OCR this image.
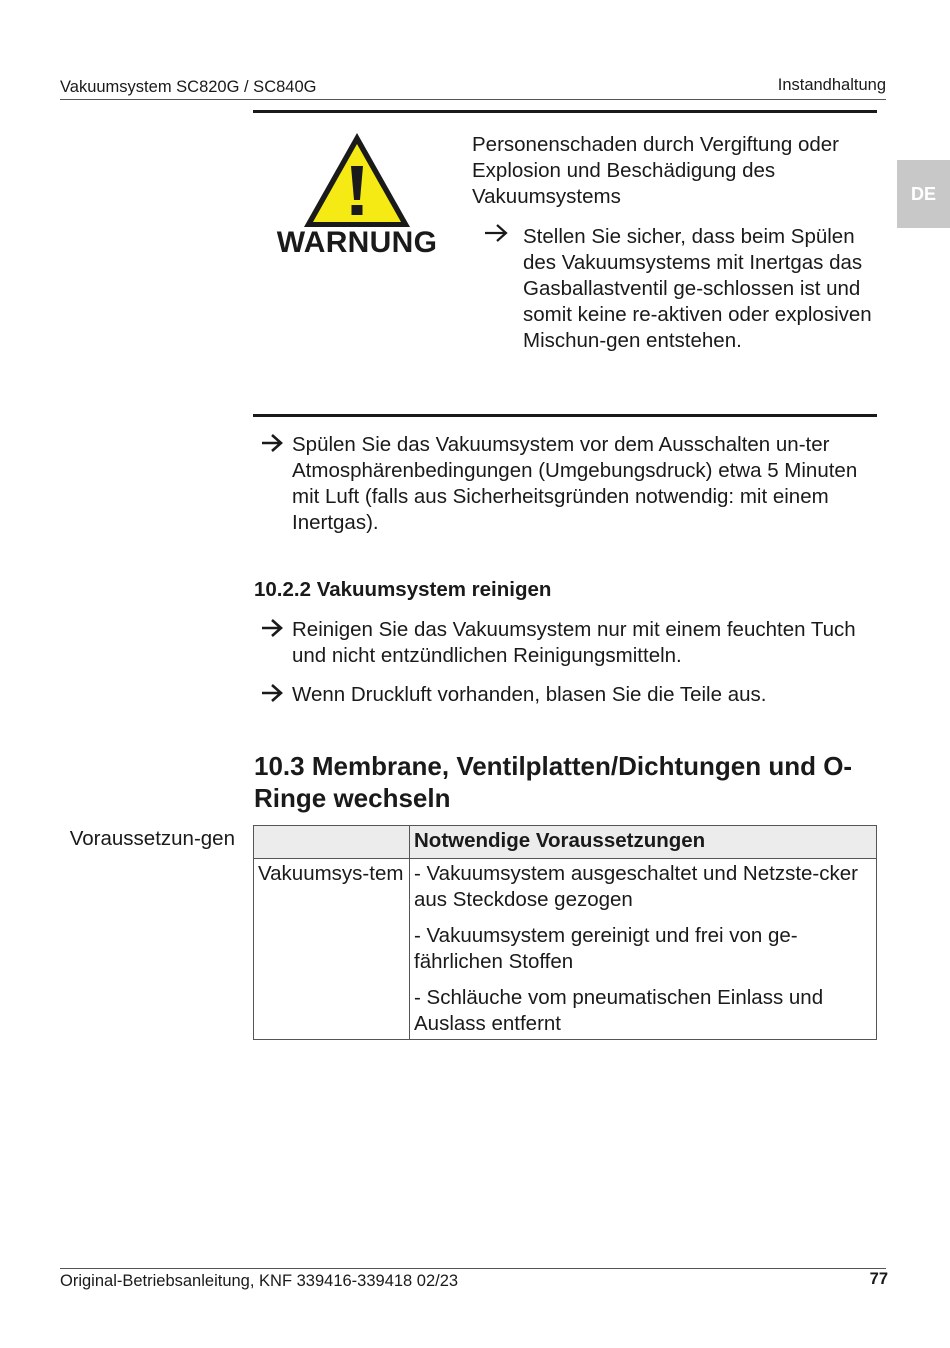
Vakuumsystem SC820G / SC840G	Instandhaltung
DE
WARNUNG
Personenschaden durch Vergiftung oder Explosion und Beschädigung des Vakuumsystems
Stellen Sie sicher, dass beim Spülen des Vakuumsystems mit Inertgas das Gasballastventil ge-schlossen ist und somit keine re-aktiven oder explosiven Mischun-gen entstehen.
Spülen Sie das Vakuumsystem vor dem Ausschalten un-ter Atmosphärenbedingungen (Umgebungsdruck) etwa 5 Minuten mit Luft (falls aus Sicherheitsgründen notwendig: mit einem Inertgas).
10.2.2 Vakuumsystem reinigen
Reinigen Sie das Vakuumsystem nur mit einem feuchten Tuch und nicht entzündlichen Reinigungsmitteln.
Wenn Druckluft vorhanden, blasen Sie die Teile aus.
10.3 Membrane, Ventilplatten/Dichtungen und O-Ringe wechseln
Voraussetzun-gen
		Notwendige Voraussetzungen
Vakuumsys-tem	- Vakuumsystem ausgeschaltet und Netzste-cker aus Steckdose gezogen
- Vakuumsystem gereinigt und frei von ge-fährlichen Stoffen
- Schläuche vom pneumatischen Einlass und Auslass entfernt
Original-Betriebsanleitung, KNF 339416-339418 02/23	77
